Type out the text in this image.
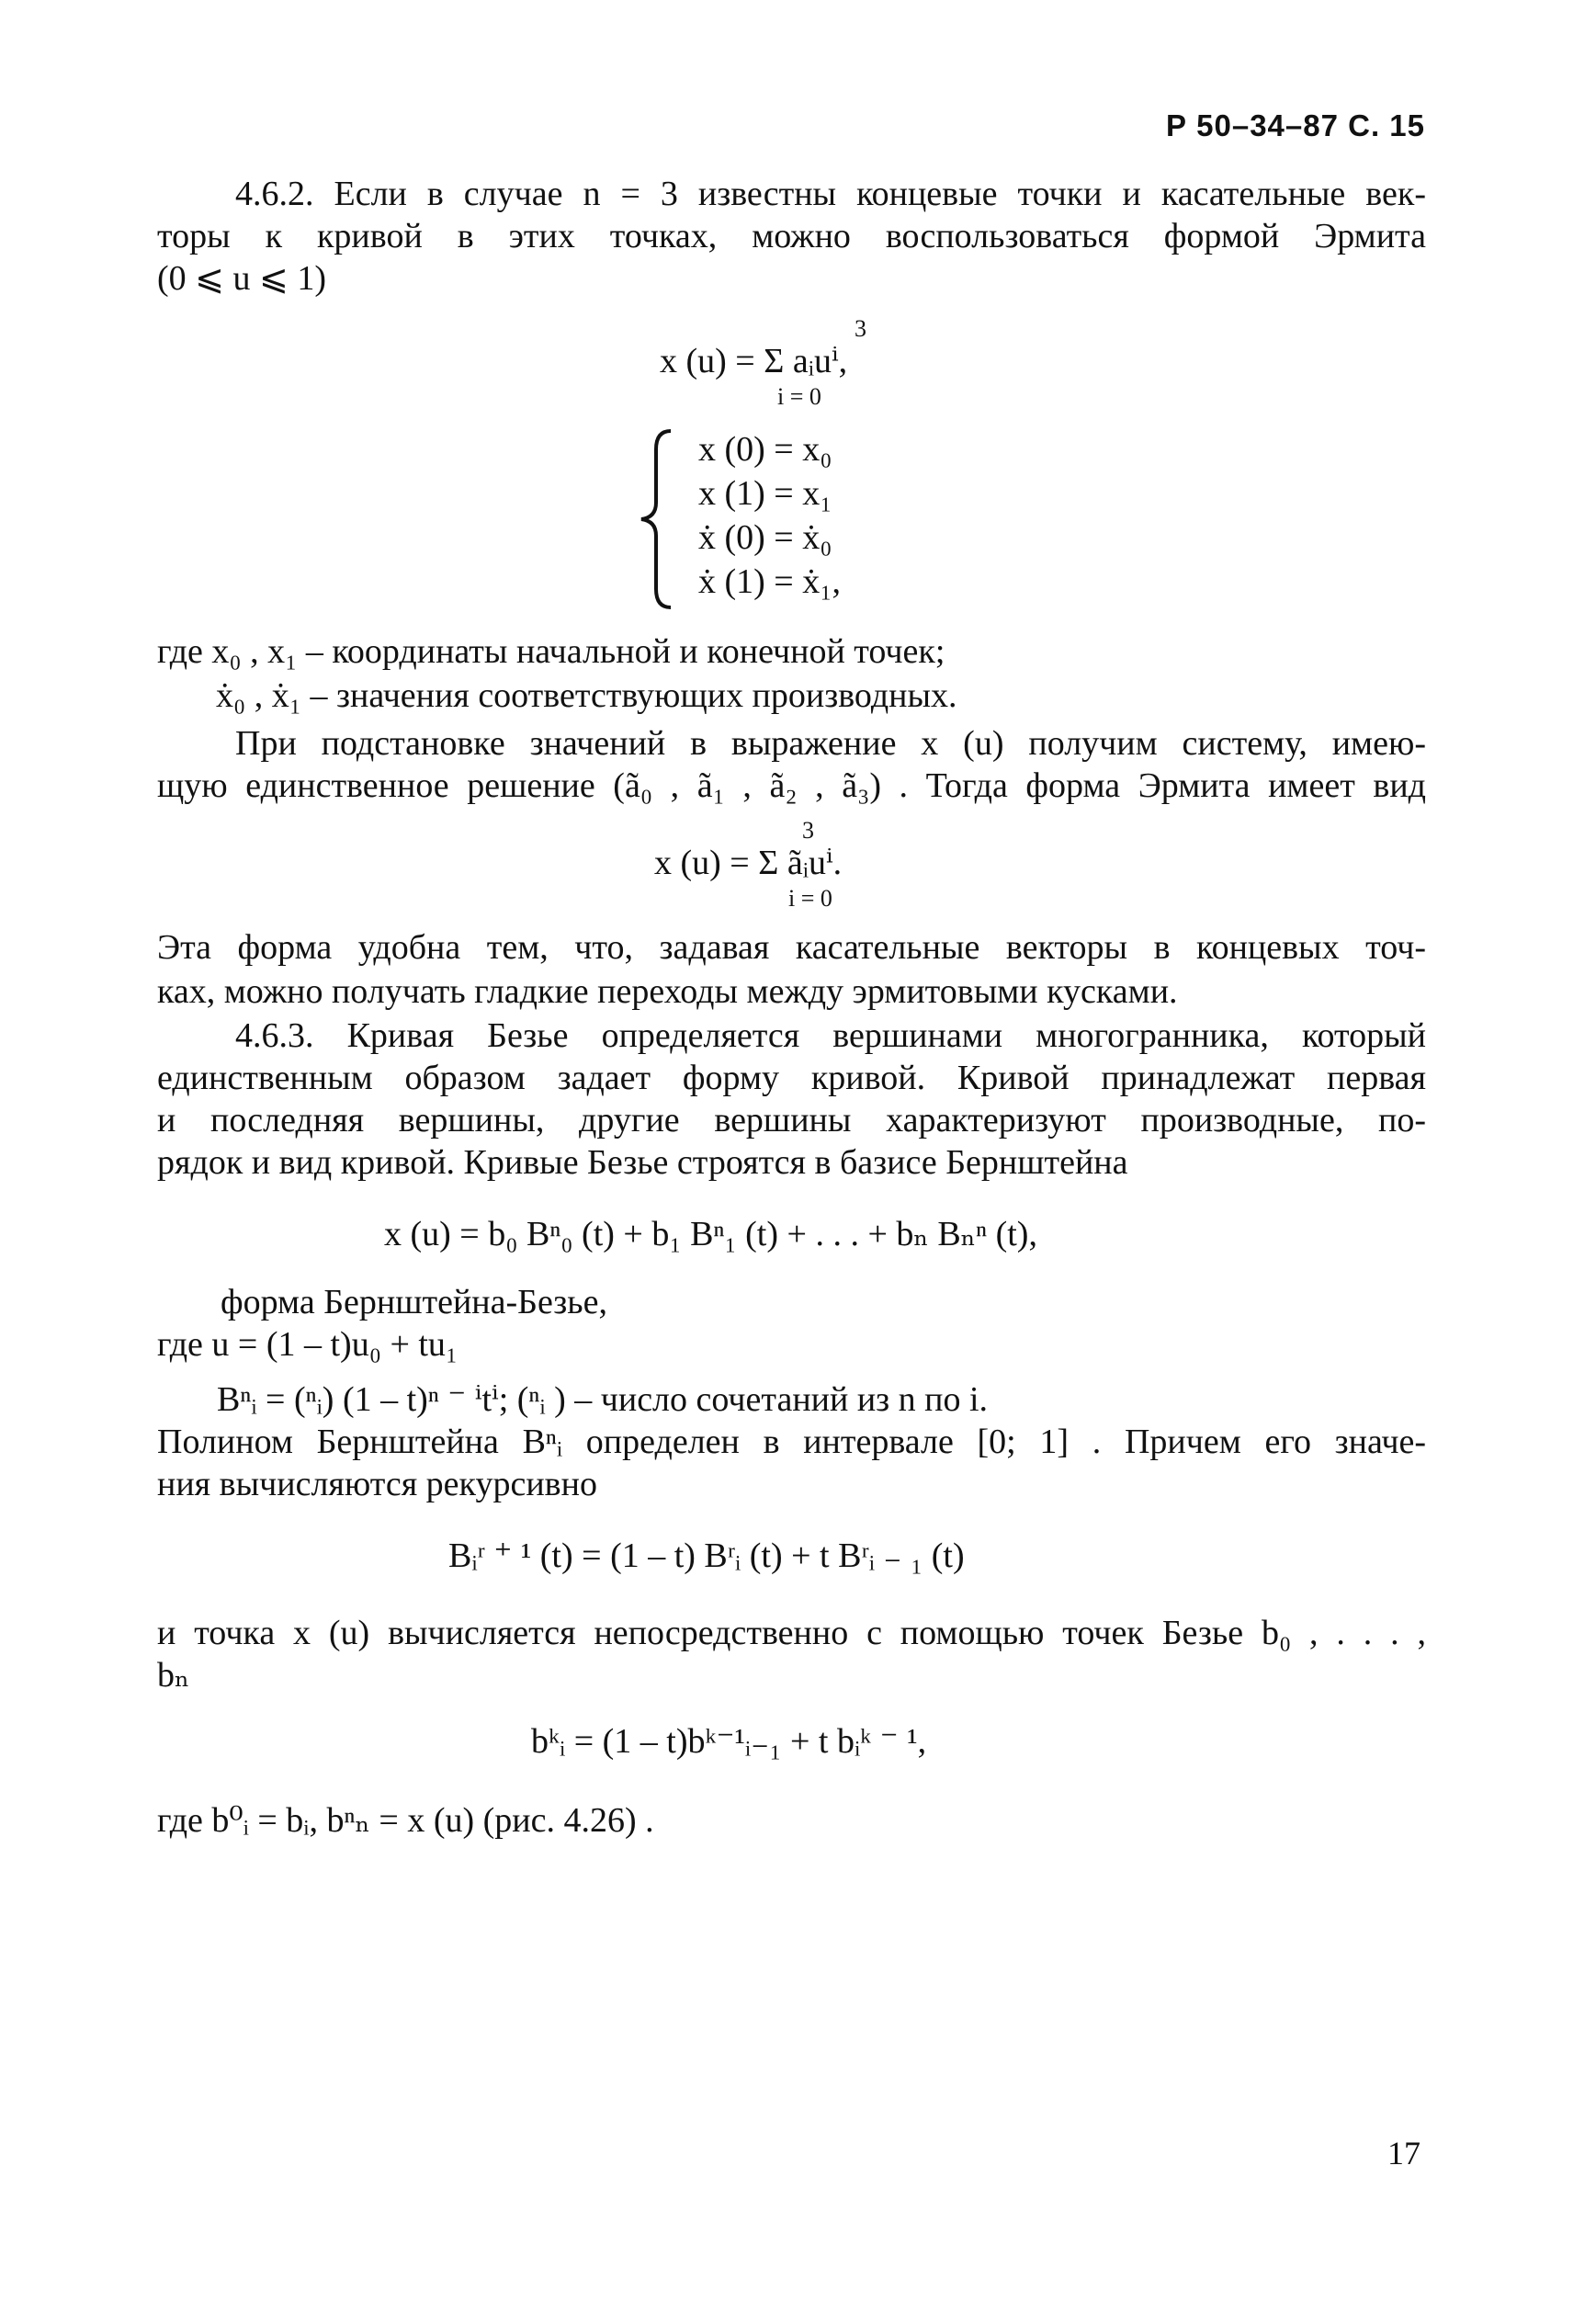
Р 50–34–87 С. 15
4.6.2. Если в случае n = 3 известны концевые точки и касательные век-
торы к кривой в этих точках, можно воспользоваться формой Эрмита
(0 ⩽ u ⩽ 1)
3
x (u) = Σ aᵢuⁱ,
i = 0
x (0) = x₀
x (1) = x₁
ẋ (0) = ẋ₀
ẋ (1) = ẋ₁,
где x₀ , x₁ – координаты начальной и конечной точек;
ẋ₀ , ẋ₁ – значения соответствующих производных.
При подстановке значений в выражение x (u) получим систему, имею-
щую единственное решение (ã₀ , ã₁ , ã₂ , ã₃) . Тогда форма Эрмита имеет вид
3
x (u) = Σ ãᵢuⁱ.
i = 0
Эта форма удобна тем, что, задавая касательные векторы в концевых точ-
ках, можно получать гладкие переходы между эрмитовыми кусками.
4.6.3. Кривая Безье определяется вершинами многогранника, который
единственным образом задает форму кривой. Кривой принадлежат первая
и последняя вершины, другие вершины характеризуют производные, по-
рядок и вид кривой. Кривые Безье строятся в базисе Бернштейна
x (u) = b₀ Bⁿ₀ (t) + b₁ Bⁿ₁ (t) + . . . + bₙ Bₙⁿ (t),
форма Бернштейна-Безье,
где u = (1 – t)u₀ + tu₁
Bⁿᵢ = (ⁿᵢ) (1 – t)ⁿ ⁻ ⁱtⁱ; (ⁿᵢ ) – число сочетаний из n по i.
Полином Бернштейна Bⁿᵢ определен в интервале [0; 1] . Причем его значе-
ния вычисляются рекурсивно
Bᵢʳ ⁺ ¹ (t) = (1 – t) Bʳᵢ (t) + t Bʳᵢ ₋ ₁ (t)
и точка x (u) вычисляется непосредственно с помощью точек Безье b₀ , . . . ,
bₙ
bᵏᵢ = (1 – t)bᵏ⁻¹ᵢ₋₁ + t bᵢᵏ ⁻ ¹,
где b⁰ᵢ = bᵢ, bⁿₙ = x (u) (рис. 4.26) .
17
